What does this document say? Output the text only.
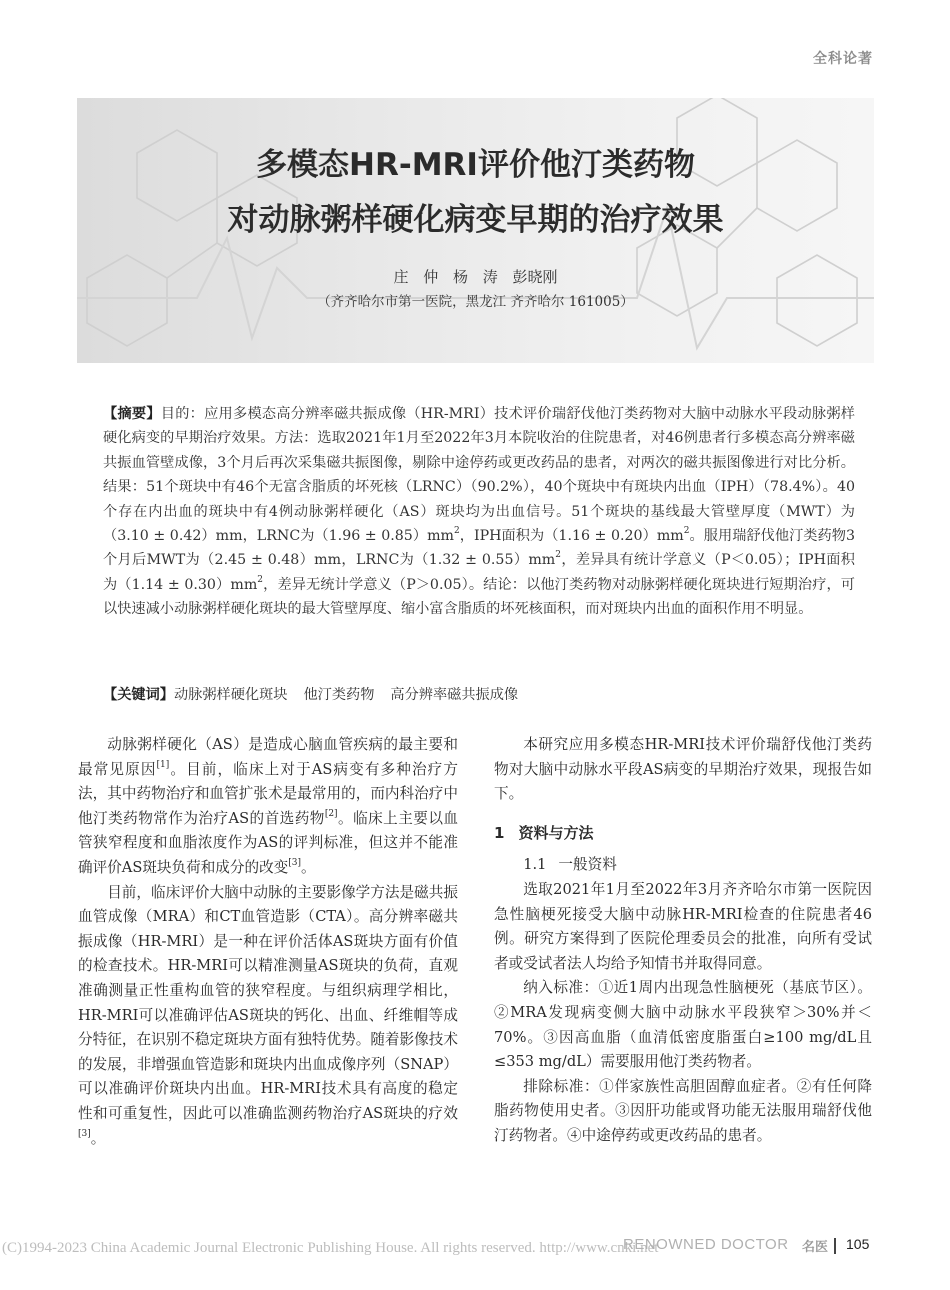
全科论著
多模态HR-MRI评价他汀类药物
对动脉粥样硬化病变早期的治疗效果
庄 仲 杨 涛 彭晓刚
（齐齐哈尔市第一医院，黑龙江 齐齐哈尔 161005）
【摘要】目的：应用多模态高分辨率磁共振成像（HR-MRI）技术评价瑞舒伐他汀类药物对大脑中动脉水平段动脉粥样硬化病变的早期治疗效果。方法：选取2021年1月至2022年3月本院收治的住院患者，对46例患者行多模态高分辨率磁共振血管壁成像，3个月后再次采集磁共振图像，剔除中途停药或更改药品的患者，对两次的磁共振图像进行对比分析。结果：51个斑块中有46个无富含脂质的坏死核（LRNC）（90.2%），40个斑块中有斑块内出血（IPH）（78.4%）。40个存在内出血的斑块中有4例动脉粥样硬化（AS）斑块均为出血信号。51个斑块的基线最大管壁厚度（MWT）为（3.10 ± 0.42）mm，LRNC为$(1.96 \pm 0.85)mm^2$，IPH面积为$(1.16 \pm 0.20)mm^2$。服用瑞舒伐他汀类药物3个月后MWT为（2.45 ± 0.48）mm，LRNC为$(1.32 \pm 0.55)mm^2$，差异具有统计学意义（P＜0.05）；IPH面积为$(1.14 \pm 0.30)mm^2$，差异无统计学意义（P＞0.05）。结论：以他汀类药物对动脉粥样硬化斑块进行短期治疗，可以快速减小动脉粥样硬化斑块的最大管壁厚度、缩小富含脂质的坏死核面积，而对斑块内出血的面积作用不明显。
【关键词】动脉粥样硬化斑块 他汀类药物 高分辨率磁共振成像

动脉粥样硬化（AS）是造成心脑血管疾病的最主要和最常见原因[1]。目前，临床上对于AS病变有多种治疗方法，其中药物治疗和血管扩张术是最常用的，而内科治疗中他汀类药物常作为治疗AS的首选药物[2]。临床上主要以血管狭窄程度和血脂浓度作为AS的评判标准，但这并不能准确评价AS斑块负荷和成分的改变[3]。

目前，临床评价大脑中动脉的主要影像学方法是磁共振血管成像（MRA）和CT血管造影（CTA）。高分辨率磁共振成像（HR-MRI）是一种在评价活体AS斑块方面有价值的检查技术。HR-MRI可以精准测量AS斑块的负荷，直观准确测量正性重构血管的狭窄程度。与组织病理学相比，HR-MRI可以准确评估AS斑块的钙化、出血、纤维帽等成分特征，在识别不稳定斑块方面有独特优势。随着影像技术的发展，非增强血管造影和斑块内出血成像序列（SNAP）可以准确评价斑块内出血。HR-MRI技术具有高度的稳定性和可重复性，因此可以准确监测药物治疗AS斑块的疗效[3]。

本研究应用多模态HR-MRI技术评价瑞舒伐他汀类药物对大脑中动脉水平段AS病变的早期治疗效果，现报告如下。

1 资料与方法

1.1 一般资料

选取2021年1月至2022年3月齐齐哈尔市第一医院因急性脑梗死接受大脑中动脉HR-MRI检查的住院患者46例。研究方案得到了医院伦理委员会的批准，向所有受试者或受试者法人均给予知情书并取得同意。

纳入标准：①近1周内出现急性脑梗死（基底节区）。②MRA发现病变侧大脑中动脉水平段狭窄＞30%并＜70%。③因高血脂（血清低密度脂蛋白≥100 mg/dL且≤353 mg/dL）需要服用他汀类药物者。

排除标准：①伴家族性高胆固醇血症者。②有任何降脂药物使用史者。③因肝功能或肾功能无法服用瑞舒伐他汀药物者。④中途停药或更改药品的患者。

(C)1994-2023 China Academic Journal Electronic Publishing House. All rights reserved. http://www.cnki.net
RENOWNED DOCTOR 名医 105
